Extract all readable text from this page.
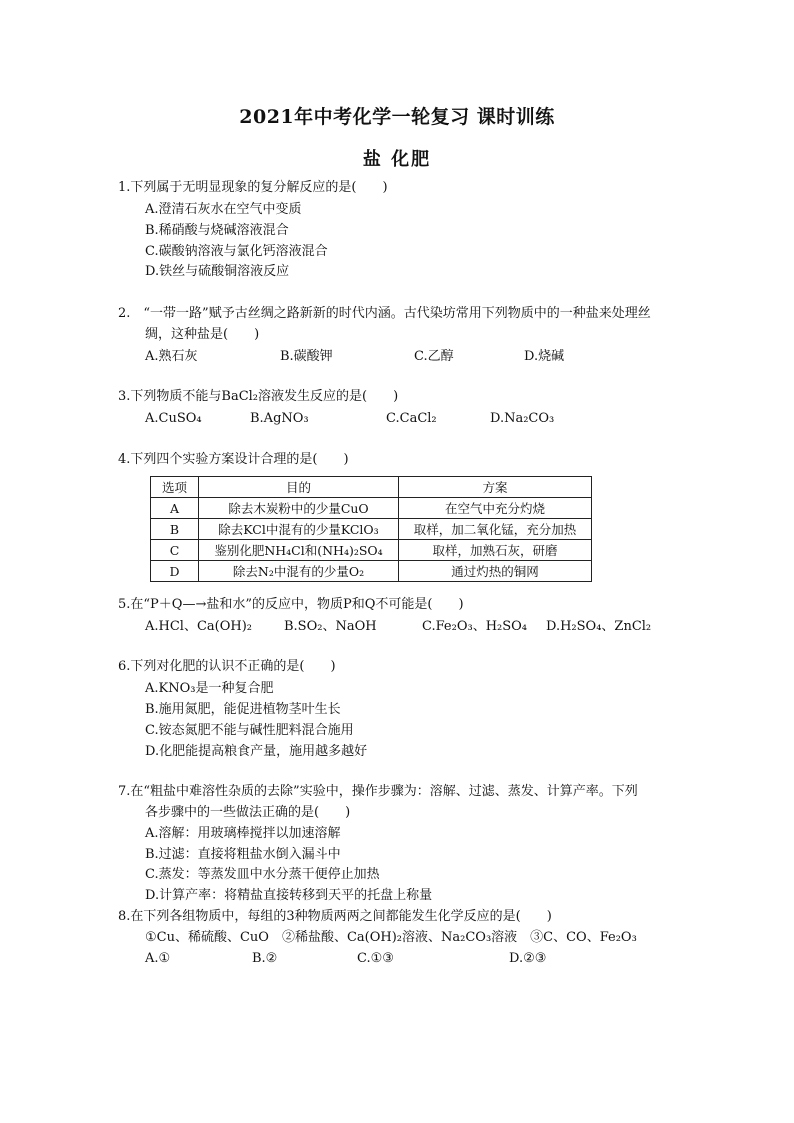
2021年中考化学一轮复习 课时训练
盐 化肥
1.下列属于无明显现象的复分解反应的是(　　)
A.澄清石灰水在空气中变质
B.稀硝酸与烧碱溶液混合
C.碳酸钠溶液与氯化钙溶液混合
D.铁丝与硫酸铜溶液反应
2.　“一带一路”赋予古丝绸之路新新的时代内涵。古代染坊常用下列物质中的一种盐来处理丝
绸，这种盐是(　　)
A.熟石灰	B.碳酸钾	C.乙醇	D.烧碱
3.下列物质不能与BaCl₂溶液发生反应的是(　　)
A.CuSO₄	B.AgNO₃	C.CaCl₂	D.Na₂CO₃
4.下列四个实验方案设计合理的是(　　)
选项	目的	方案
A	除去木炭粉中的少量CuO	在空气中充分灼烧
B	除去KCl中混有的少量KClO₃	取样，加二氧化锰，充分加热
C	鉴别化肥NH₄Cl和(NH₄)₂SO₄	取样，加熟石灰，研磨
D	除去N₂中混有的少量O₂	通过灼热的铜网
5.在“P＋Q—→盐和水”的反应中，物质P和Q不可能是(　　)
A.HCl、Ca(OH)₂ B.SO₂、NaOH	C.Fe₂O₃、H₂SO₄ D.H₂SO₄、ZnCl₂
6.下列对化肥的认识不正确的是(　　)
A.KNO₃是一种复合肥
B.施用氮肥，能促进植物茎叶生长
C.铵态氮肥不能与碱性肥料混合施用
D.化肥能提高粮食产量，施用越多越好
7.在“粗盐中难溶性杂质的去除”实验中，操作步骤为：溶解、过滤、蒸发、计算产率。下列
各步骤中的一些做法正确的是(　　)
A.溶解：用玻璃棒搅拌以加速溶解
B.过滤：直接将粗盐水倒入漏斗中
C.蒸发：等蒸发皿中水分蒸干便停止加热
D.计算产率：将精盐直接转移到天平的托盘上称量
8.在下列各组物质中，每组的3种物质两两之间都能发生化学反应的是(　　)
①Cu、稀硫酸、CuO　②稀盐酸、Ca(OH)₂溶液、Na₂CO₃溶液　③C、CO、Fe₂O₃
A.①	B.②	C.①③	D.②③
